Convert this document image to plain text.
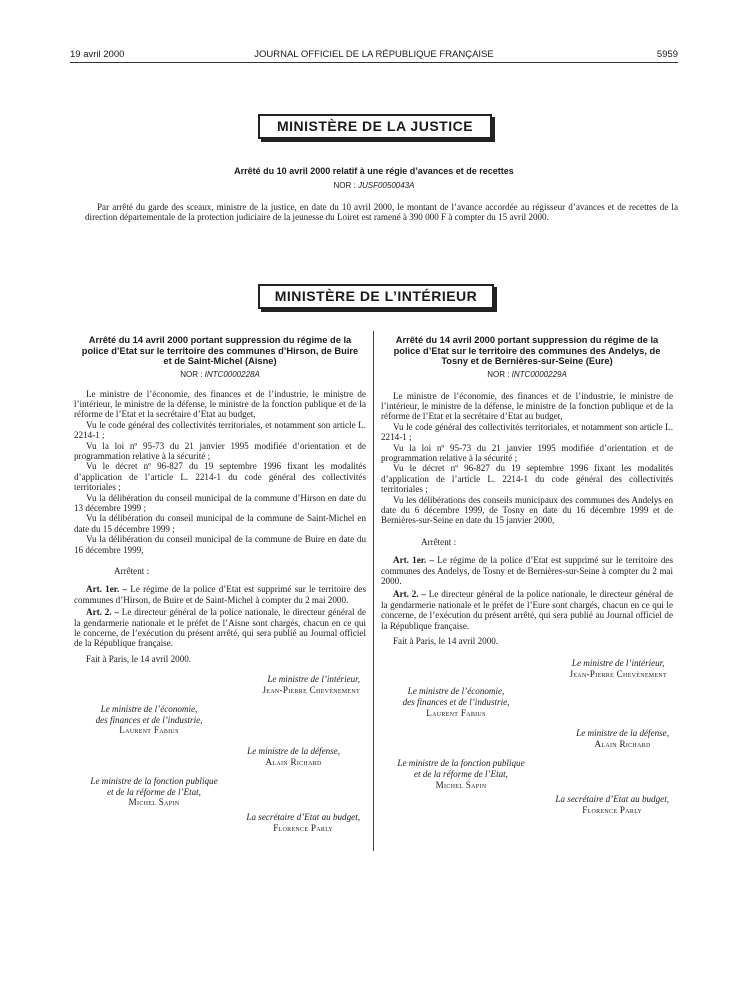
19 avril 2000	JOURNAL OFFICIEL DE LA RÉPUBLIQUE FRANÇAISE	5959
MINISTÈRE DE LA JUSTICE
Arrêté du 10 avril 2000 relatif à une régie d’avances et de recettes
NOR : JUSF0050043A

Par arrêté du garde des sceaux, ministre de la justice, en date du 10 avril 2000, le montant de l’avance accordée au régisseur d’avances et de recettes de la direction départementale de la protection judiciaire de la jeunesse du Loiret est ramené à 390 000 F à compter du 15 avril 2000.

MINISTÈRE DE L’INTÉRIEUR

Arrêté du 14 avril 2000 portant suppression du régime de la police d’Etat sur le territoire des communes d’Hirson, de Buire et de Saint-Michel (Aisne)

NOR : INTC0000228A

Le ministre de l’économie, des finances et de l’industrie, le ministre de l’intérieur, le ministre de la défense, le ministre de la fonction publique et de la réforme de l’Etat et la secrétaire d’Etat au budget,

Vu le code général des collectivités territoriales, et notamment son article L. 2214-1 ;

Vu la loi nº 95-73 du 21 janvier 1995 modifiée d’orientation et de programmation relative à la sécurité ;

Vu le décret nº 96-827 du 19 septembre 1996 fixant les modalités d’application de l’article L. 2214-1 du code général des collectivités territoriales ;

Vu la délibération du conseil municipal de la commune d’Hirson en date du 13 décembre 1999 ;

Vu la délibération du conseil municipal de la commune de Saint-Michel en date du 15 décembre 1999 ;

Vu la délibération du conseil municipal de la commune de Buire en date du 16 décembre 1999,

Arrêtent :

Art. 1er. – Le régime de la police d’Etat est supprimé sur le territoire des communes d’Hirson, de Buire et de Saint-Michel à compter du 2 mai 2000.

Art. 2. – Le directeur général de la police nationale, le directeur général de la gendarmerie nationale et le préfet de l’Aisne sont chargés, chacun en ce qui le concerne, de l’exécution du présent arrêté, qui sera publié au Journal officiel de la République française.

Fait à Paris, le 14 avril 2000.

Le ministre de l’intérieur,
Jean-Pierre Chevènement
Le ministre de l’économie,
des finances et de l’industrie,
Laurent Fabius
Le ministre de la défense,
Alain Richard
Le ministre de la fonction publique
et de la réforme de l’Etat,
Michel Sapin
La secrétaire d’Etat au budget,
Florence Parly

Arrêté du 14 avril 2000 portant suppression du régime de la police d’Etat sur le territoire des communes des Andelys, de Tosny et de Bernières-sur-Seine (Eure)

NOR : INTC0000229A

Le ministre de l’économie, des finances et de l’industrie, le ministre de l’intérieur, le ministre de la défense, le ministre de la fonction publique et de la réforme de l’Etat et la secrétaire d’Etat au budget,

Vu le code général des collectivités territoriales, et notamment son article L. 2214-1 ;

Vu la loi nº 95-73 du 21 janvier 1995 modifiée d’orientation et de programmation relative à la sécurité ;

Vu le décret nº 96-827 du 19 septembre 1996 fixant les modalités d’application de l’article L. 2214-1 du code général des collectivités territoriales ;

Vu les délibérations des conseils municipaux des communes des Andelys en date du 6 décembre 1999, de Tosny en date du 16 décembre 1999 et de Bernières-sur-Seine en date du 15 janvier 2000,

Arrêtent :

Art. 1er. – Le régime de la police d’Etat est supprimé sur le territoire des communes des Andelys, de Tosny et de Bernières-sur-Seine à compter du 2 mai 2000.

Art. 2. – Le directeur général de la police nationale, le directeur général de la gendarmerie nationale et le préfet de l’Eure sont chargés, chacun en ce qui le concerne, de l’exécution du présent arrêté, qui sera publié au Journal officiel de la République française.

Fait à Paris, le 14 avril 2000.

Le ministre de l’intérieur,
Jean-Pierre Chevènement
Le ministre de l’économie,
des finances et de l’industrie,
Laurent Fabius
Le ministre de la défense,
Alain Richard
Le ministre de la fonction publique
et de la réforme de l’Etat,
Michel Sapin
La secrétaire d’Etat au budget,
Florence Parly
